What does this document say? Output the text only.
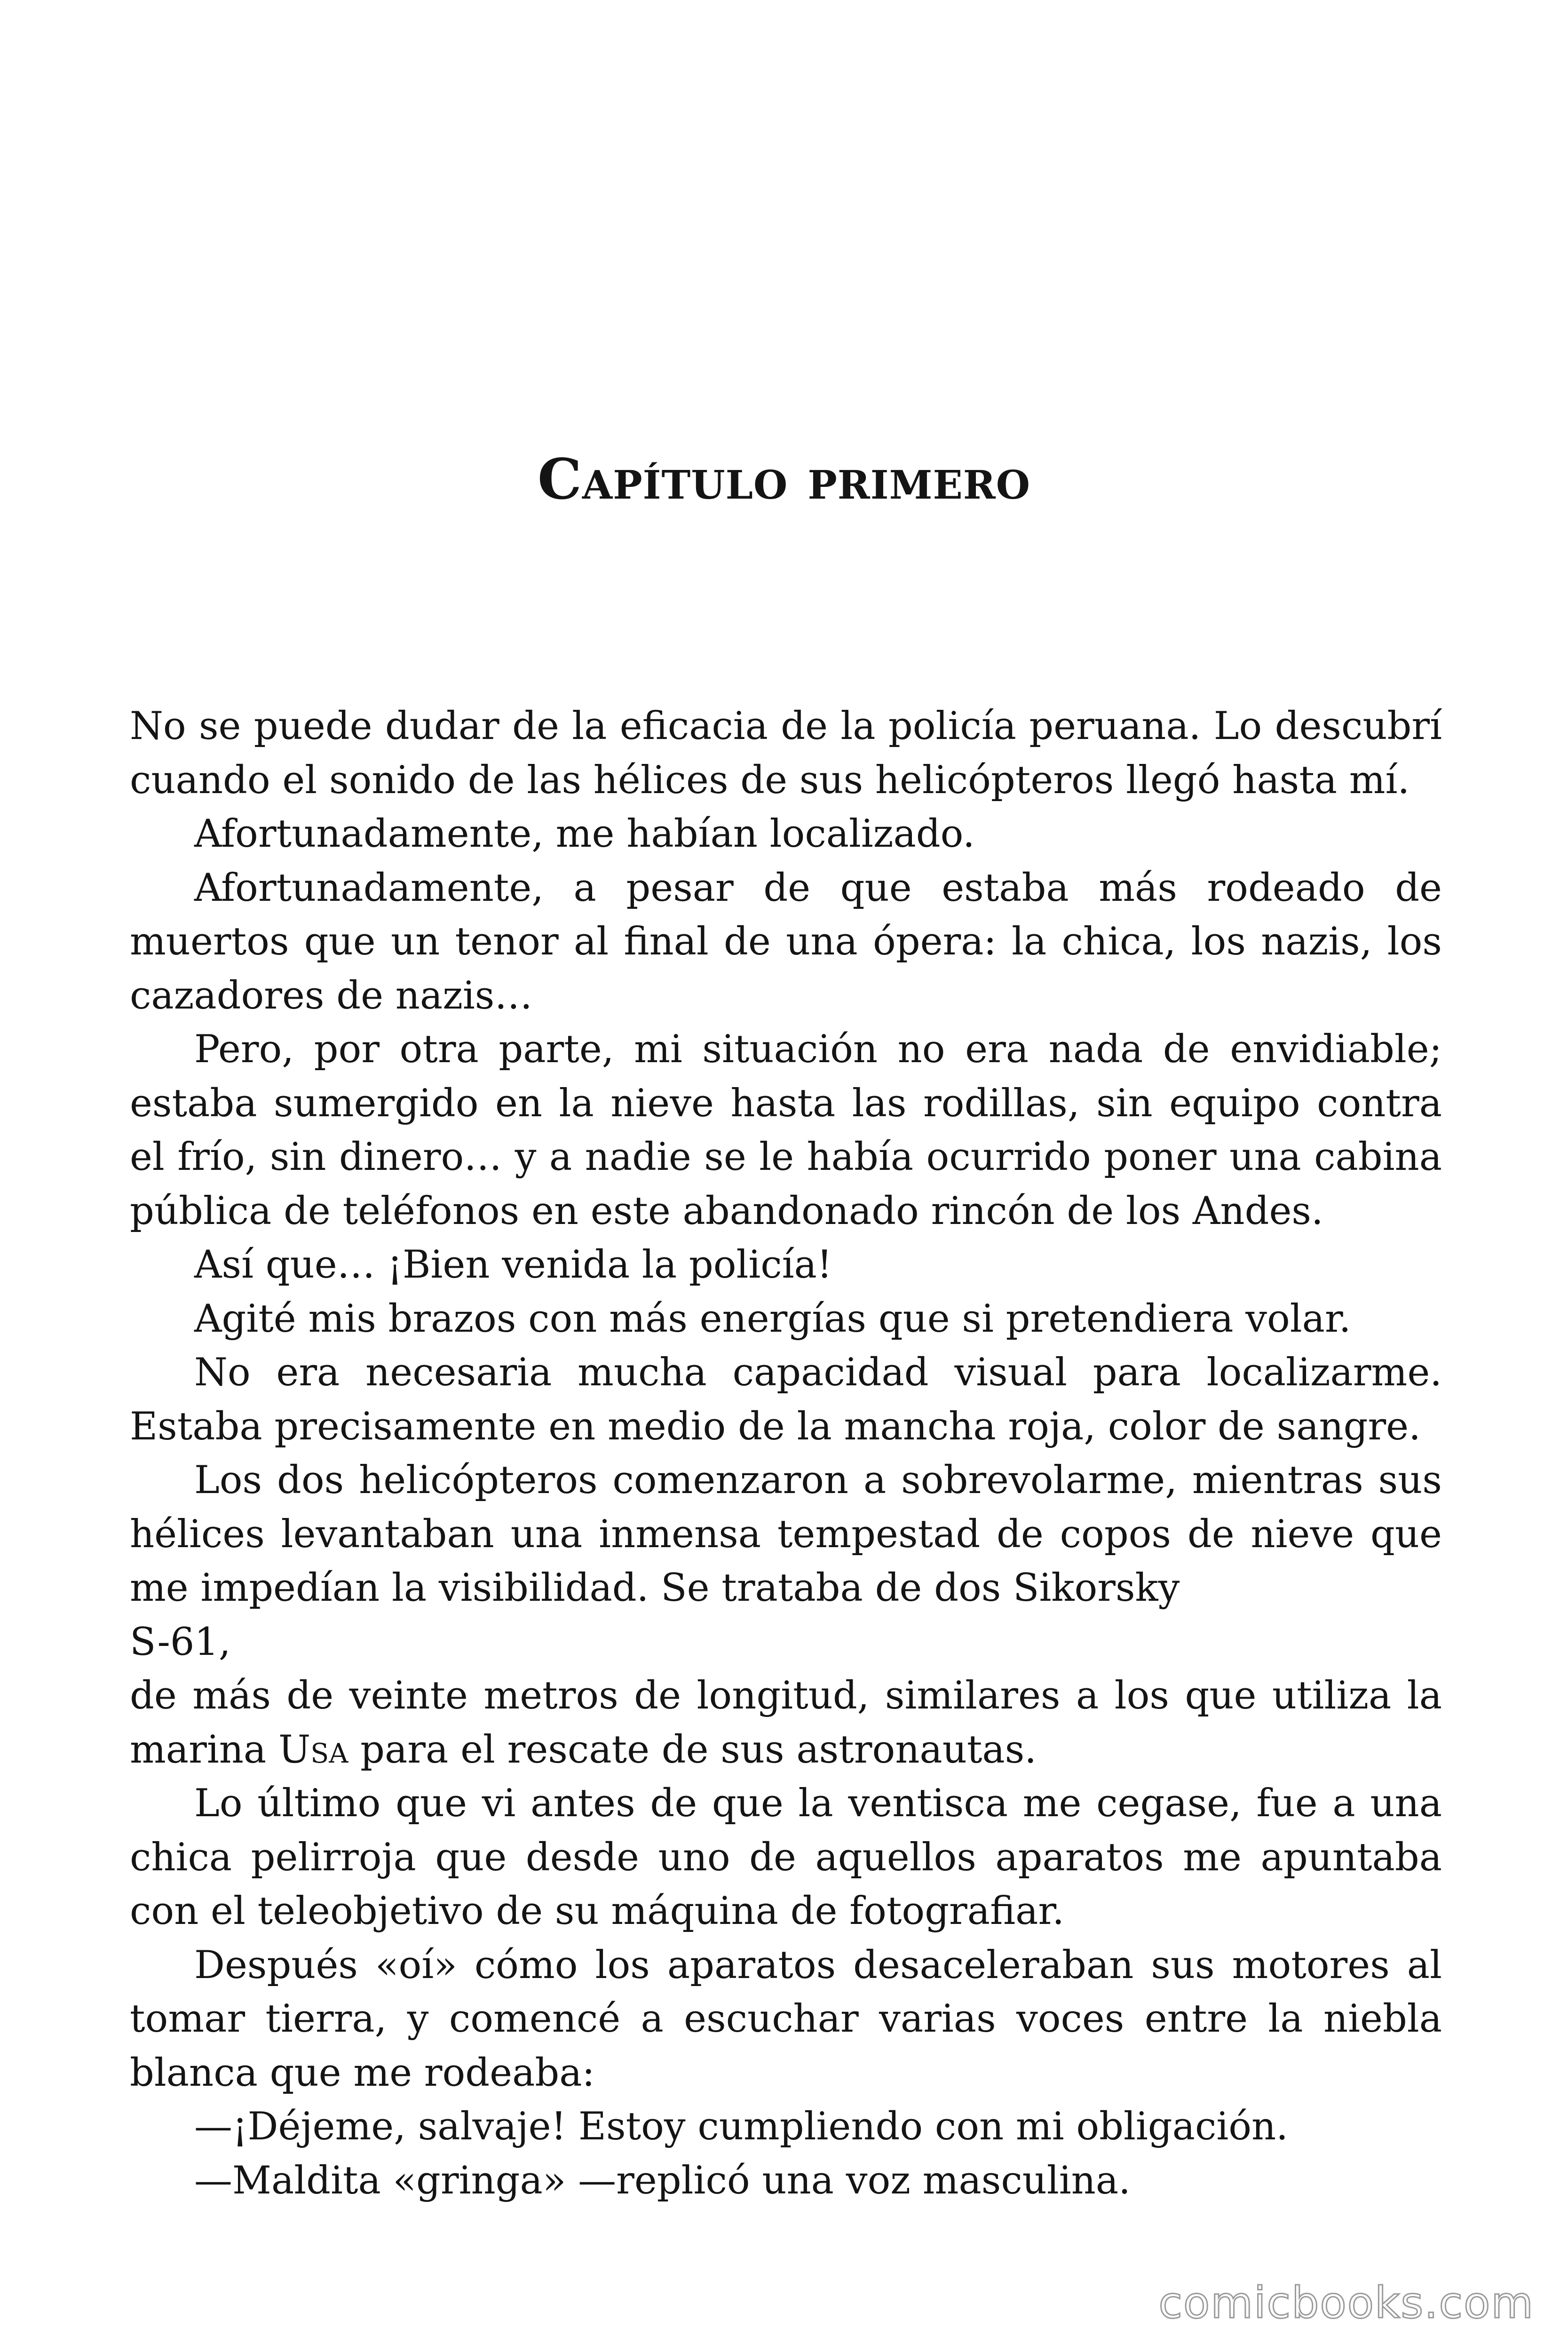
Capítulo primero

No se puede dudar de la eficacia de la policía peruana. Lo descubrí cuando el sonido de las hélices de sus helicópteros llegó hasta mí.

Afortunadamente, me habían localizado.

Afortunadamente, a pesar de que estaba más rodeado de muertos que un tenor al final de una ópera: la chica, los nazis, los cazadores de nazis…

Pero, por otra parte, mi situación no era nada de envidiable; estaba sumergido en la nieve hasta las rodillas, sin equipo contra el frío, sin dinero… y a nadie se le había ocurrido poner una cabina pública de teléfonos en este abandonado rincón de los Andes.

Así que… ¡Bien venida la policía!

Agité mis brazos con más energías que si pretendiera volar.

No era necesaria mucha capacidad visual para localizarme. Estaba precisamente en medio de la mancha roja, color de sangre.

Los dos helicópteros comenzaron a sobrevolarme, mientras sus hélices levantaban una inmensa tempestad de copos de nieve que me impedían la visibilidad. Se trataba de dos Sikorsky

S-61,

de más de veinte metros de longitud, similares a los que utiliza la marina Usa para el rescate de sus astronautas.

Lo último que vi antes de que la ventisca me cegase, fue a una chica pelirroja que desde uno de aquellos aparatos me apuntaba con el teleobjetivo de su máquina de fotografiar.

Después «oí» cómo los aparatos desaceleraban sus motores al tomar tierra, y comencé a escuchar varias voces entre la niebla blanca que me rodeaba:

—¡Déjeme, salvaje! Estoy cumpliendo con mi obligación.

—Maldita «gringa» —replicó una voz masculina.

comicbooks.com
